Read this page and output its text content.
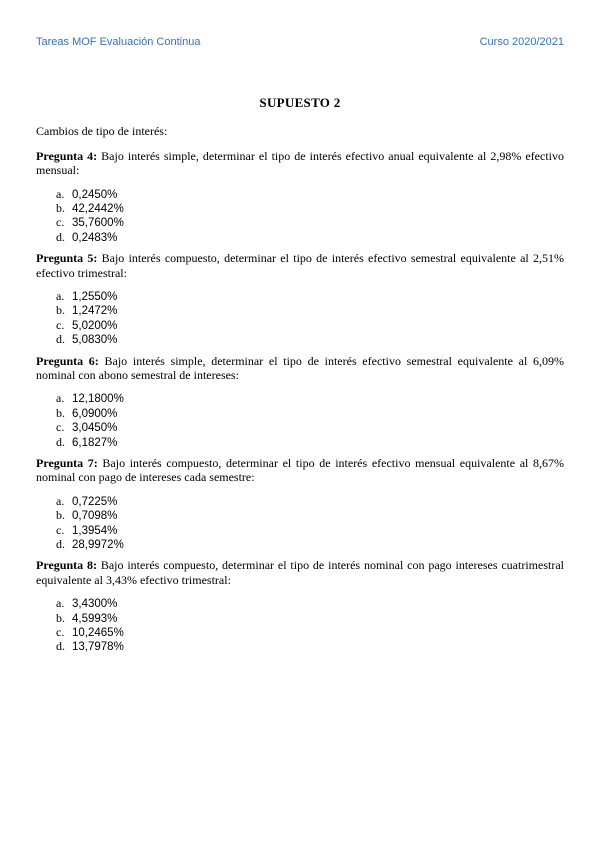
Tareas MOF Evaluación Continua	Curso 2020/2021
SUPUESTO 2

Cambios de tipo de interés:

Pregunta 4: Bajo interés simple, determinar el tipo de interés efectivo anual equivalente al 2,98% efectivo mensual:

a. 0,2450%
b. 42,2442%
c. 35,7600%
d. 0,2483%

Pregunta 5: Bajo interés compuesto, determinar el tipo de interés efectivo semestral equivalente al 2,51% efectivo trimestral:

a. 1,2550%
b. 1,2472%
c. 5,0200%
d. 5,0830%

Pregunta 6: Bajo interés simple, determinar el tipo de interés efectivo semestral equivalente al 6,09% nominal con abono semestral de intereses:

a. 12,1800%
b. 6,0900%
c. 3,0450%
d. 6,1827%

Pregunta 7: Bajo interés compuesto, determinar el tipo de interés efectivo mensual equivalente al 8,67% nominal con pago de intereses cada semestre:

a. 0,7225%
b. 0,7098%
c. 1,3954%
d. 28,9972%

Pregunta 8: Bajo interés compuesto, determinar el tipo de interés nominal con pago intereses cuatrimestral equivalente al 3,43% efectivo trimestral:

a. 3,4300%
b. 4,5993%
c. 10,2465%
d. 13,7978%
